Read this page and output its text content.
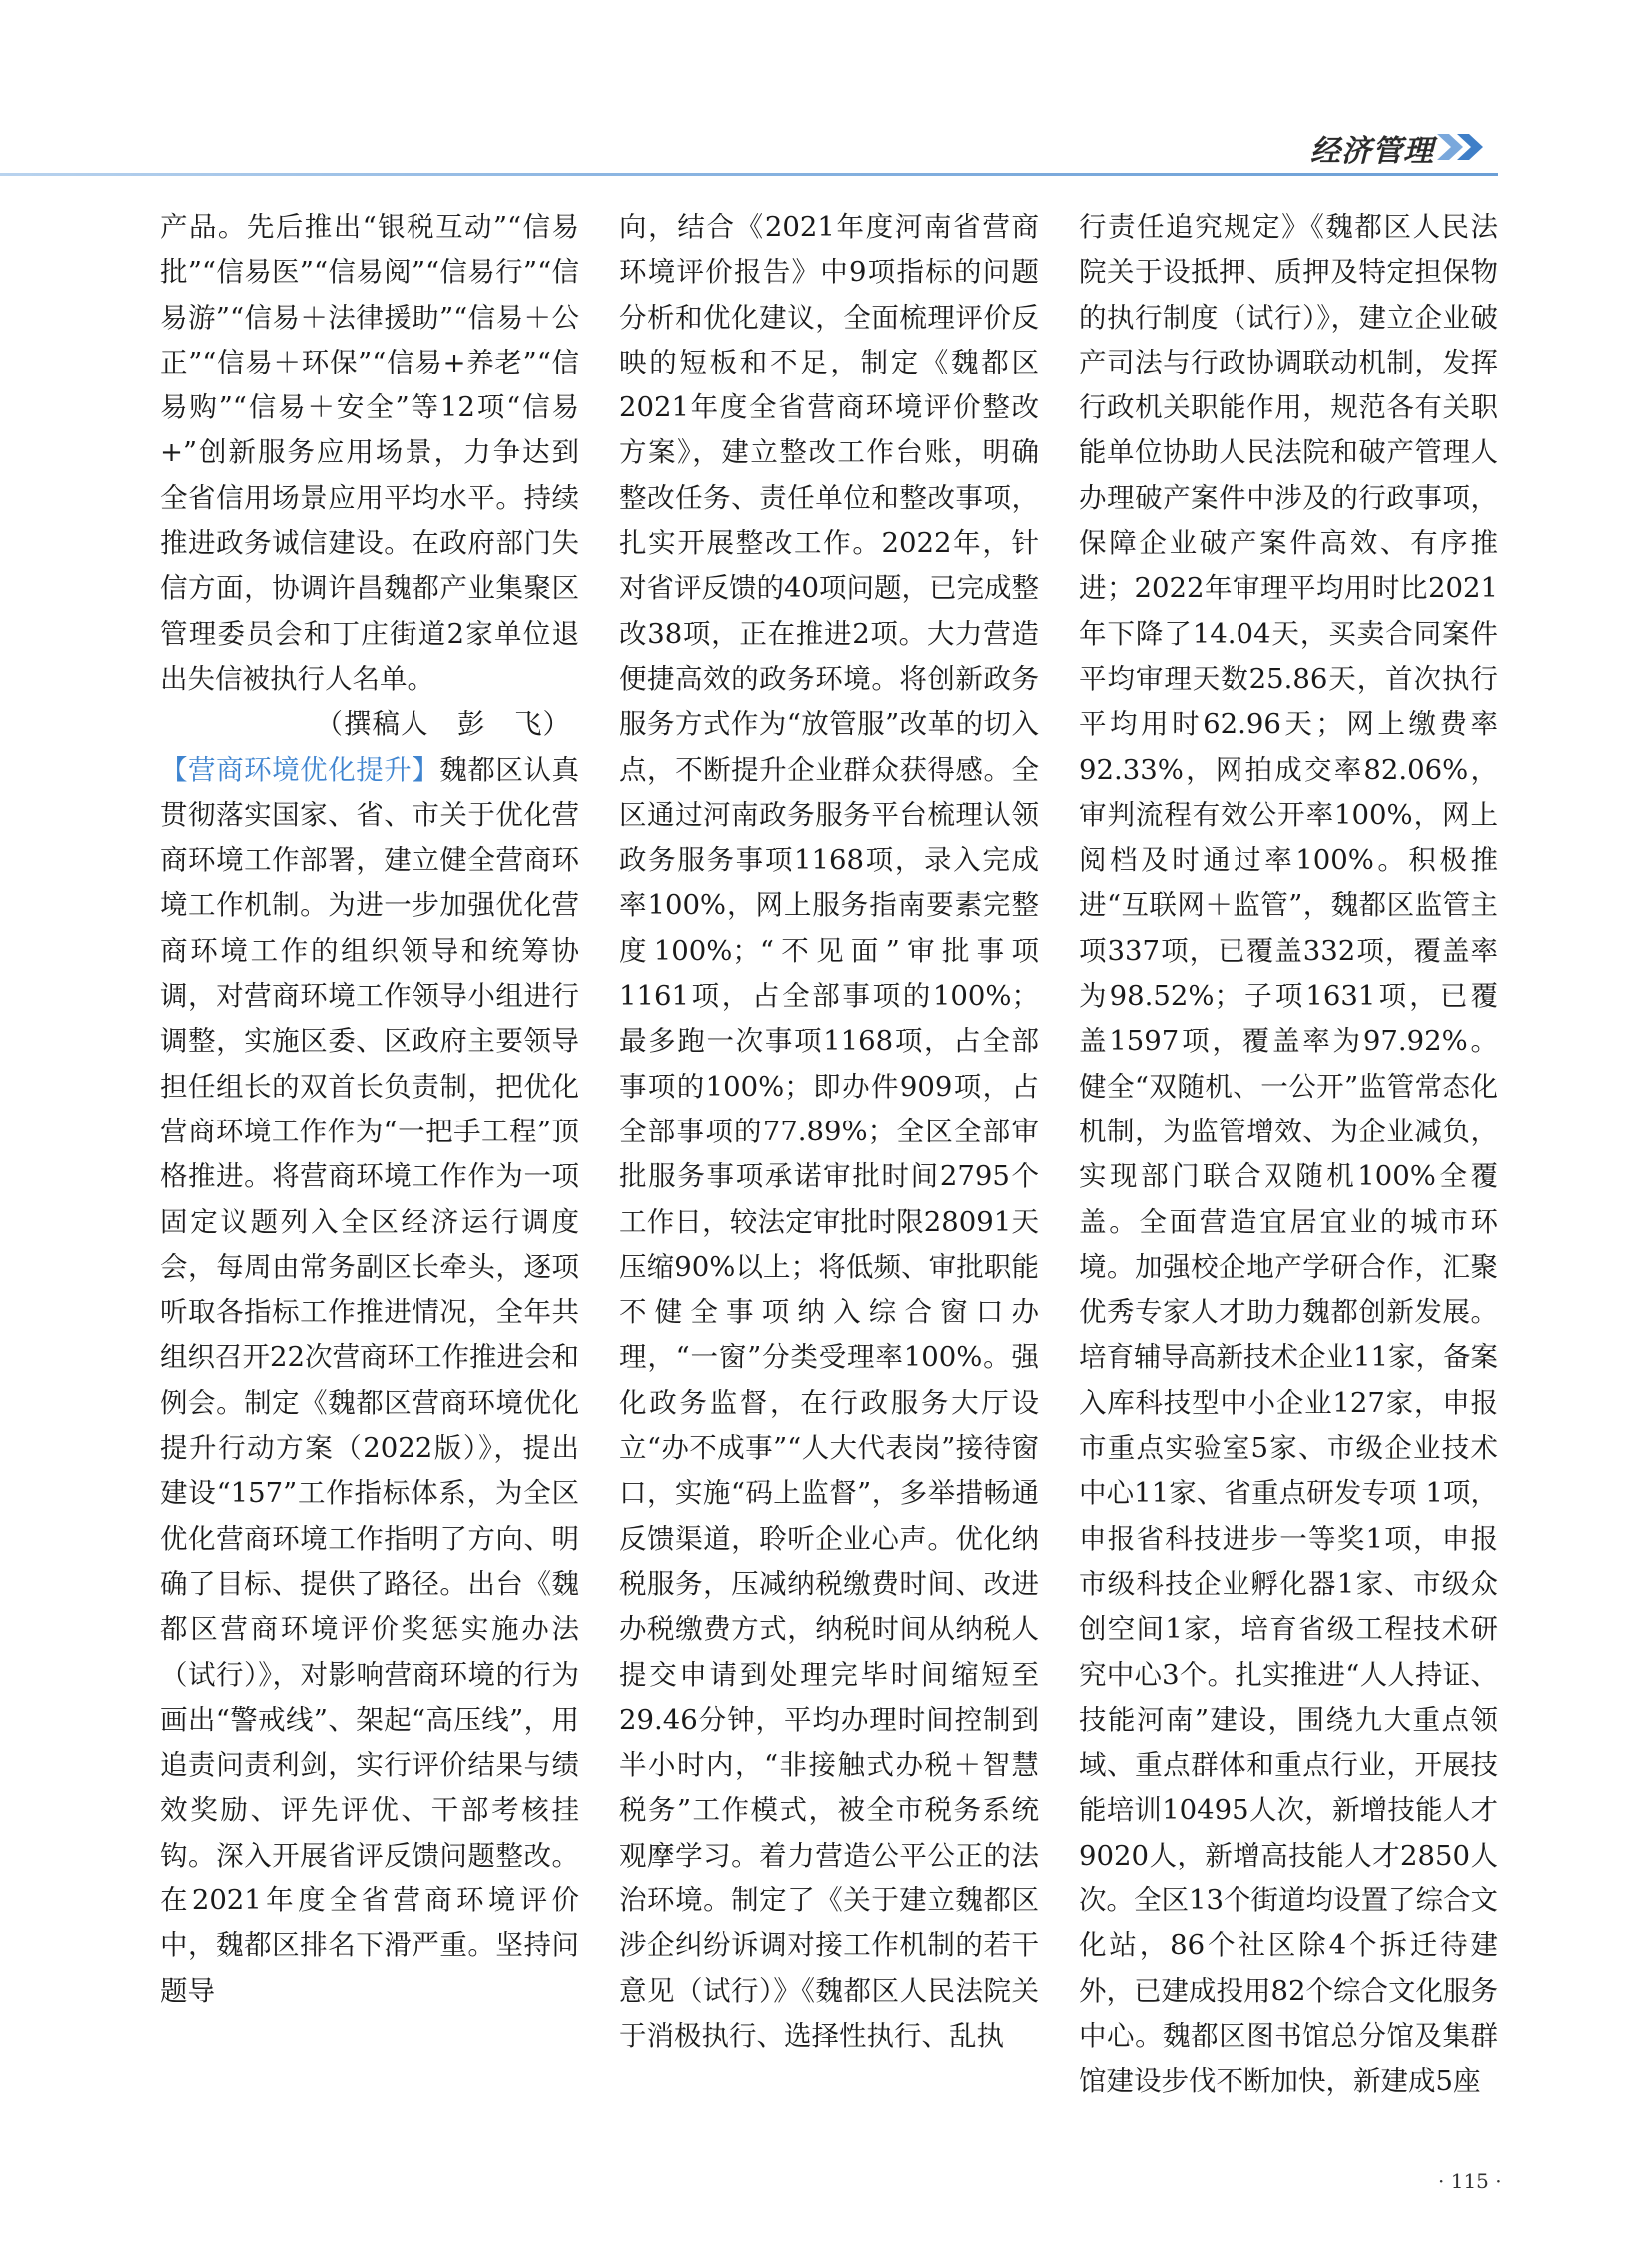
经济管理

产品。先后推出“银税互动”“信易批”“信易医”“信易阅”“信易行”“信易游”“信易＋法律援助”“信易＋公正”“信易＋环保”“信易+养老”“信易购”“信易＋安全”等12项“信易+”创新服务应用场景，力争达到全省信用场景应用平均水平。持续推进政务诚信建设。在政府部门失信方面，协调许昌魏都产业集聚区管理委员会和丁庄街道2家单位退出失信被执行人名单。

（撰稿人　彭　飞）

【营商环境优化提升】魏都区认真贯彻落实国家、省、市关于优化营商环境工作部署，建立健全营商环境工作机制。为进一步加强优化营商环境工作的组织领导和统筹协调，对营商环境工作领导小组进行调整，实施区委、区政府主要领导担任组长的双首长负责制，把优化营商环境工作作为“一把手工程”顶格推进。将营商环境工作作为一项固定议题列入全区经济运行调度会，每周由常务副区长牵头，逐项听取各指标工作推进情况，全年共组织召开22次营商环工作推进会和例会。制定《魏都区营商环境优化提升行动方案（2022版）》，提出建设“157”工作指标体系，为全区优化营商环境工作指明了方向、明确了目标、提供了路径。出台《魏都区营商环境评价奖惩实施办法（试行）》，对影响营商环境的行为画出“警戒线”、架起“高压线”，用追责问责利剑，实行评价结果与绩效奖励、评先评优、干部考核挂钩。深入开展省评反馈问题整改。在2021年度全省营商环境评价中，魏都区排名下滑严重。坚持问题导

向，结合《2021年度河南省营商环境评价报告》中9项指标的问题分析和优化建议，全面梳理评价反映的短板和不足，制定《魏都区2021年度全省营商环境评价整改方案》，建立整改工作台账，明确整改任务、责任单位和整改事项，扎实开展整改工作。2022年，针对省评反馈的40项问题，已完成整改38项，正在推进2项。大力营造便捷高效的政务环境。将创新政务服务方式作为“放管服”改革的切入点，不断提升企业群众获得感。全区通过河南政务服务平台梳理认领政务服务事项1168项，录入完成率100%，网上服务指南要素完整度100%；“不见面”审批事项1161项，占全部事项的100%；最多跑一次事项1168项，占全部事项的100%；即办件909项，占全部事项的77.89%；全区全部审批服务事项承诺审批时间2795个工作日，较法定审批时限28091天压缩90%以上；将低频、审批职能不健全事项纳入综合窗口办理，“一窗”分类受理率100%。强化政务监督，在行政服务大厅设立“办不成事”“人大代表岗”接待窗口，实施“码上监督”，多举措畅通反馈渠道，聆听企业心声。优化纳税服务，压减纳税缴费时间、改进办税缴费方式，纳税时间从纳税人提交申请到处理完毕时间缩短至29.46分钟，平均办理时间控制到半小时内，“非接触式办税＋智慧税务”工作模式，被全市税务系统观摩学习。着力营造公平公正的法治环境。制定了《关于建立魏都区涉企纠纷诉调对接工作机制的若干意见（试行）》《魏都区人民法院关于消极执行、选择性执行、乱执

行责任追究规定》《魏都区人民法院关于设抵押、质押及特定担保物的执行制度（试行）》，建立企业破产司法与行政协调联动机制，发挥行政机关职能作用，规范各有关职能单位协助人民法院和破产管理人办理破产案件中涉及的行政事项，保障企业破产案件高效、有序推进；2022年审理平均用时比2021年下降了14.04天，买卖合同案件平均审理天数25.86天，首次执行平均用时62.96天；网上缴费率92.33%，网拍成交率82.06%，审判流程有效公开率100%，网上阅档及时通过率100%。积极推进“互联网＋监管”，魏都区监管主项337项，已覆盖332项，覆盖率为98.52%；子项1631项，已覆盖1597项，覆盖率为97.92%。健全“双随机、一公开”监管常态化机制，为监管增效、为企业减负，实现部门联合双随机100%全覆盖。全面营造宜居宜业的城市环境。加强校企地产学研合作，汇聚优秀专家人才助力魏都创新发展。培育辅导高新技术企业11家，备案入库科技型中小企业127家，申报市重点实验室5家、市级企业技术中心11家、省重点研发专项 1项，申报省科技进步一等奖1项，申报市级科技企业孵化器1家、市级众创空间1家，培育省级工程技术研究中心3个。扎实推进“人人持证、技能河南”建设，围绕九大重点领域、重点群体和重点行业，开展技能培训10495人次，新增技能人才9020人，新增高技能人才2850人次。全区13个街道均设置了综合文化站，86个社区除4个拆迁待建外，已建成投用82个综合文化服务中心。魏都区图书馆总分馆及集群馆建设步伐不断加快，新建成5座

· 115 ·
